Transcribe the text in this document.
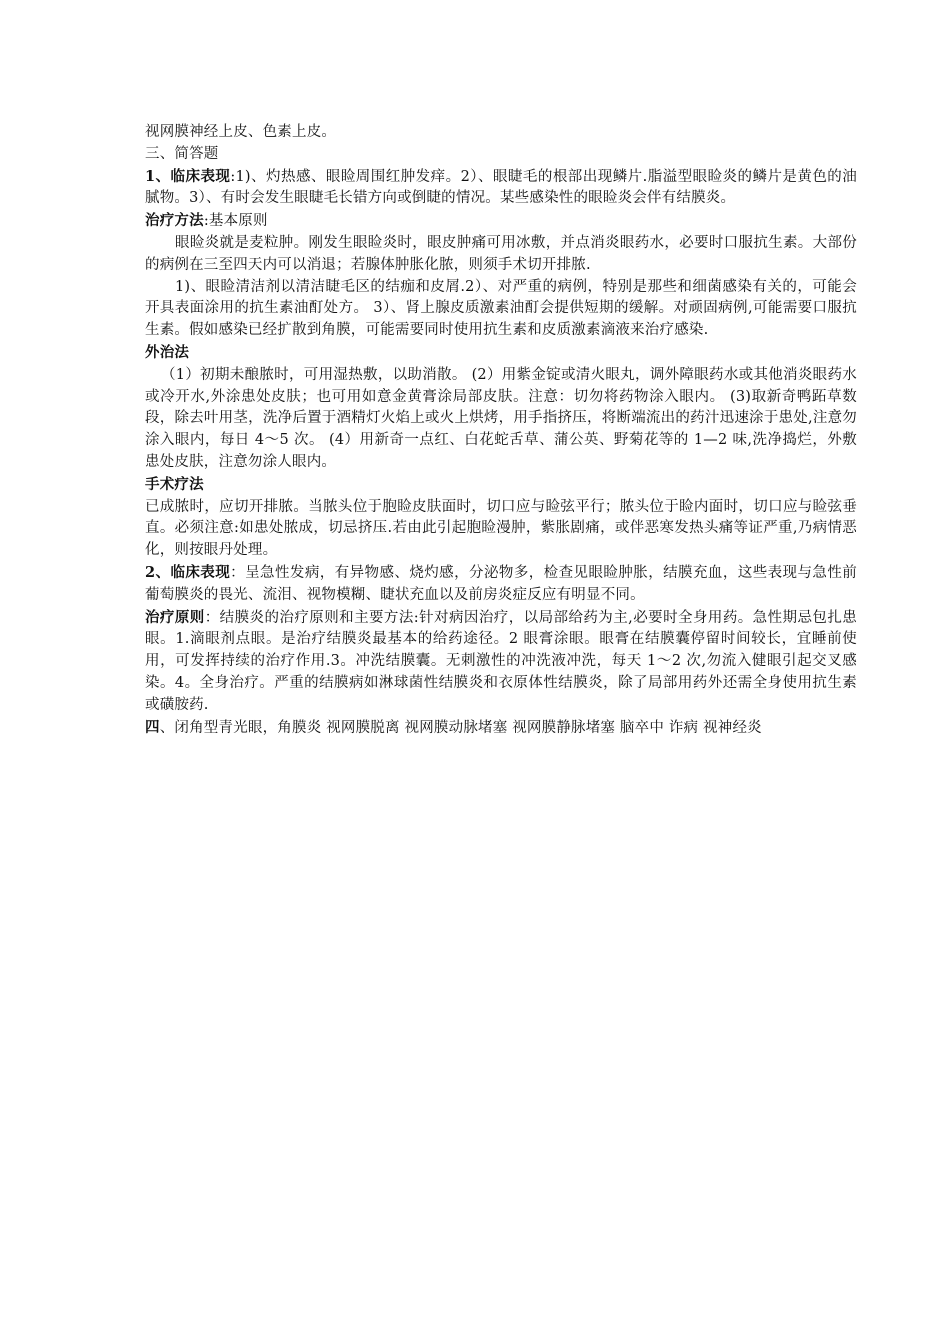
视网膜神经上皮、色素上皮。

三、简答题

1、临床表现:1)、灼热感、眼睑周围红肿发痒。2）、眼睫毛的根部出现鳞片.脂溢型眼睑炎的鳞片是黄色的油腻物。3）、有时会发生眼睫毛长错方向或倒睫的情况。某些感染性的眼睑炎会伴有结膜炎。

治疗方法:基本原则

眼睑炎就是麦粒肿。刚发生眼睑炎时，眼皮肿痛可用冰敷，并点消炎眼药水，必要时口服抗生素。大部份的病例在三至四天内可以消退；若腺体肿胀化脓，则须手术切开排脓.

1)、眼睑清洁剂以清洁睫毛区的结痂和皮屑.2）、对严重的病例，特别是那些和细菌感染有关的，可能会开具表面涂用的抗生素油酊处方。 3）、肾上腺皮质激素油酊会提供短期的缓解。对顽固病例,可能需要口服抗生素。假如感染已经扩散到角膜，可能需要同时使用抗生素和皮质激素滴液来治疗感染.

外治法

（1）初期未酿脓时，可用湿热敷，以助消散。 (2）用紫金锭或清火眼丸，调外障眼药水或其他消炎眼药水或冷开水,外涂患处皮肤；也可用如意金黄膏涂局部皮肤。注意：切勿将药物涂入眼内。 (3)取新奇鸭跖草数段，除去叶用茎，洗净后置于酒精灯火焰上或火上烘烤，用手指挤压，将断端流出的药汁迅速涂于患处,注意勿涂入眼内，每日 4～5 次。 (4）用新奇一点红、白花蛇舌草、蒲公英、野菊花等的 1—2 味,洗净捣烂，外敷患处皮肤，注意勿涂人眼内。

手术疗法

已成脓时，应切开排脓。当脓头位于胞睑皮肤面时，切口应与睑弦平行；脓头位于睑内面时，切口应与睑弦垂直。必须注意:如患处脓成，切忌挤压.若由此引起胞睑漫肿，紫胀剧痛，或伴恶寒发热头痛等证严重,乃病情恶化，则按眼丹处理。

2、临床表现：呈急性发病，有异物感、烧灼感，分泌物多，检查见眼睑肿胀，结膜充血，这些表现与急性前葡萄膜炎的畏光、流泪、视物模糊、睫状充血以及前房炎症反应有明显不同。

治疗原则：结膜炎的治疗原则和主要方法:针对病因治疗，以局部给药为主,必要时全身用药。急性期忌包扎患眼。1.滴眼剂点眼。是治疗结膜炎最基本的给药途径。2 眼膏涂眼。眼膏在结膜囊停留时间较长，宜睡前使用，可发挥持续的治疗作用.3。冲洗结膜囊。无刺激性的冲洗液冲洗，每天 1～2 次,勿流入健眼引起交叉感染。4。全身治疗。严重的结膜病如淋球菌性结膜炎和衣原体性结膜炎，除了局部用药外还需全身使用抗生素或磺胺药.

四、闭角型青光眼，角膜炎 视网膜脱离 视网膜动脉堵塞 视网膜静脉堵塞 脑卒中 诈病 视神经炎
